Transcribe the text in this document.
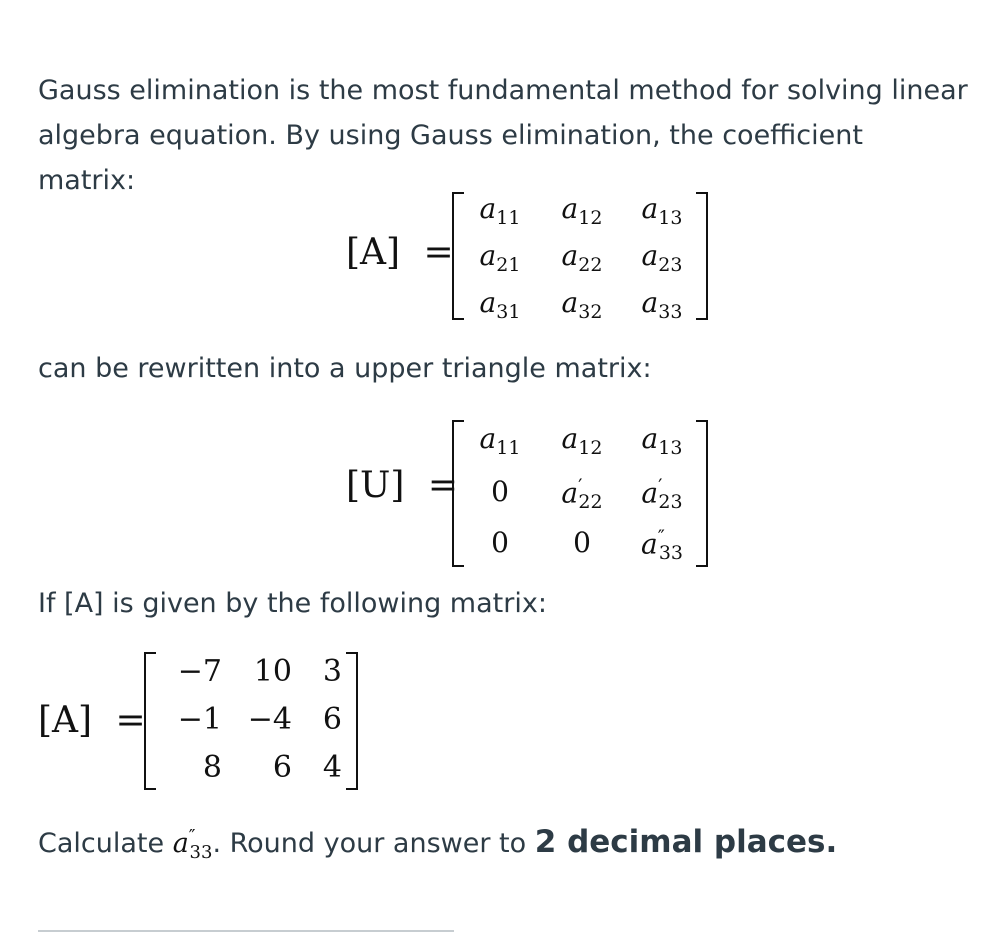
Gauss elimination is the most fundamental method for solving linear algebra equation. By using Gauss elimination, the coefficient matrix:

[A] =
$a_{11}$	$a_{12}$	$a_{13}$
$a_{21}$	$a_{22}$	$a_{23}$
$a_{31}$	$a_{32}$	$a_{33}$

can be rewritten into a upper triangle matrix:

[U] =
$a_{11}$	$a_{12}$	$a_{13}$
0	$a'_{22}$	$a'_{23}$
0	0	$a''_{33}$

If [A] is given by the following matrix:

[A] =
−7	10	3
−1 −4	6
8	6	4

Calculate $a''_{33}$. Round your answer to 2 decimal places.
